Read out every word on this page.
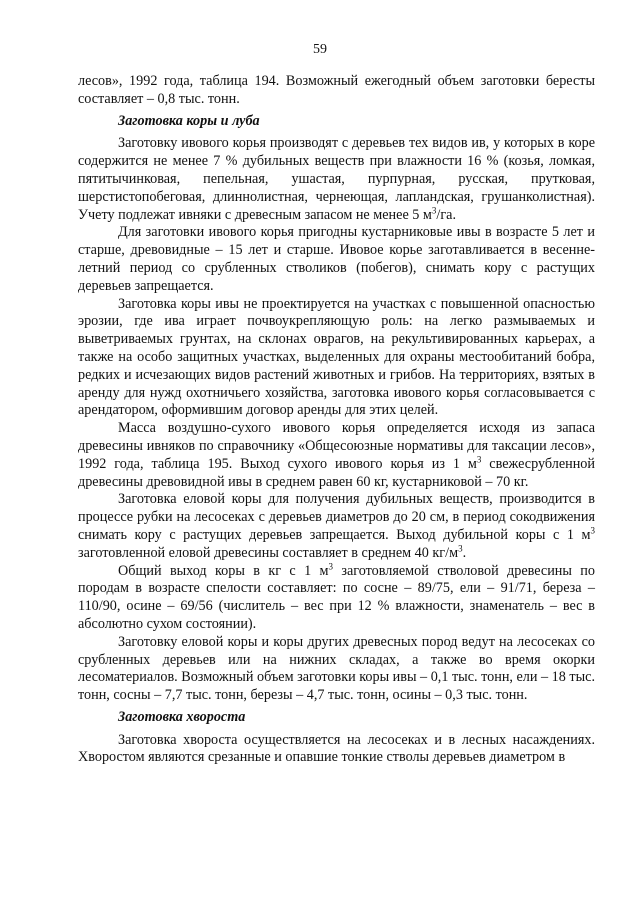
59

лесов», 1992 года, таблица 194. Возможный ежегодный объем заготовки бересты составляет – 0,8 тыс. тонн.

Заготовка коры и луба

Заготовку ивового корья производят с деревьев тех видов ив, у которых в коре содержится не менее 7 % дубильных веществ при влажности 16 % (козья, ломкая, пятитычинковая, пепельная, ушастая, пурпурная, русская, прутковая, шерстистопобеговая, длиннолистная, чернеющая, лапландская, грушанколистная). Учету подлежат ивняки с древесным запасом не менее 5 $м^3/га$.

Для заготовки ивового корья пригодны кустарниковые ивы в возрасте 5 лет и старше, древовидные – 15 лет и старше. Ивовое корье заготавливается в весенне-летний период со срубленных стволиков (побегов), снимать кору с растущих деревьев запрещается.

Заготовка коры ивы не проектируется на участках с повышенной опасностью эрозии, где ива играет почвоукрепляющую роль: на легко размываемых и выветриваемых грунтах, на склонах оврагов, на рекультивированных карьерах, а также на особо защитных участках, выделенных для охраны местообитаний бобра, редких и исчезающих видов растений животных и грибов. На территориях, взятых в аренду для нужд охотничьего хозяйства, заготовка ивового корья согласовывается с арендатором, оформившим договор аренды для этих целей.

Масса воздушно-сухого ивового корья определяется исходя из запаса древесины ивняков по справочнику «Общесоюзные нормативы для таксации лесов», 1992 года, таблица 195. Выход сухого ивового корья из 1 $м^3$ свежесрубленной древесины древовидной ивы в среднем равен 60 кг, кустарниковой – 70 кг.

Заготовка еловой коры для получения дубильных веществ, производится в процессе рубки на лесосеках с деревьев диаметров до 20 см, в период сокодвижения снимать кору с растущих деревьев запрещается. Выход дубильной коры с 1 $м^3$ заготовленной еловой древесины составляет в среднем 40 $кг/м^3$.

Общий выход коры в кг с 1 $м^3$ заготовляемой стволовой древесины по породам в возрасте спелости составляет: по сосне – 89/75, ели – 91/71, береза – 110/90, осине – 69/56 (числитель – вес при 12 % влажности, знаменатель – вес в абсолютно сухом состоянии).

Заготовку еловой коры и коры других древесных пород ведут на лесосеках со срубленных деревьев или на нижних складах, а также во время окорки лесоматериалов. Возможный объем заготовки коры ивы – 0,1 тыс. тонн, ели – 18 тыс. тонн, сосны – 7,7 тыс. тонн, березы – 4,7 тыс. тонн, осины – 0,3 тыс. тонн.

Заготовка хвороста

Заготовка хвороста осуществляется на лесосеках и в лесных насаждениях. Хворостом являются срезанные и опавшие тонкие стволы деревьев диаметром в
